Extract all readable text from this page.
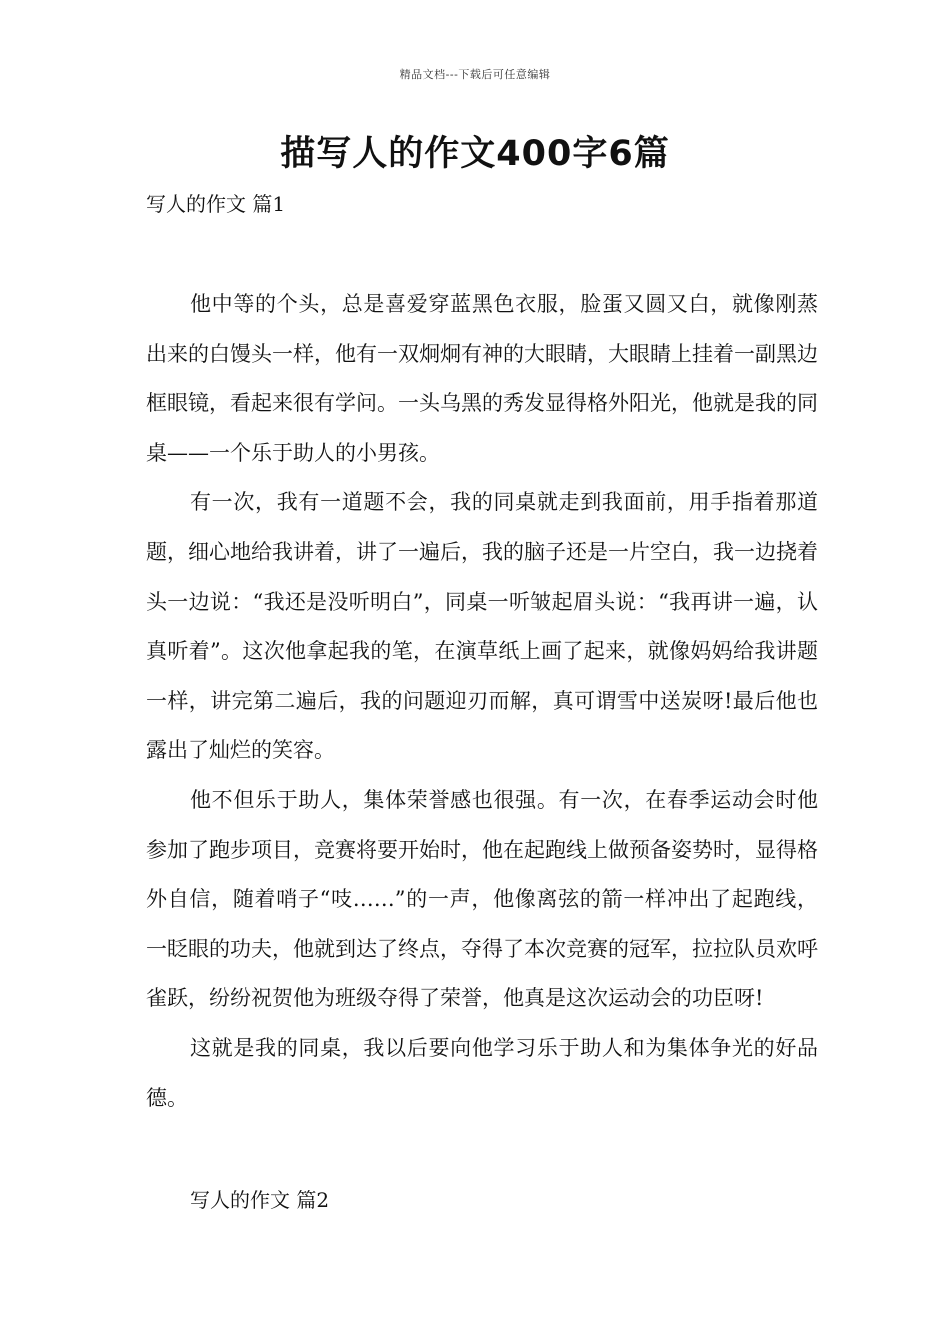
精品文档---下载后可任意编辑
描写人的作文400字6篇
写人的作文 篇1

他中等的个头，总是喜爱穿蓝黑色衣服，脸蛋又圆又白，就像刚蒸出来的白馒头一样，他有一双炯炯有神的大眼睛，大眼睛上挂着一副黑边框眼镜，看起来很有学问。一头乌黑的秀发显得格外阳光，他就是我的同桌——一个乐于助人的小男孩。

有一次，我有一道题不会，我的同桌就走到我面前，用手指着那道题，细心地给我讲着，讲了一遍后，我的脑子还是一片空白，我一边挠着头一边说：“我还是没听明白”，同桌一听皱起眉头说：“我再讲一遍，认真听着”。这次他拿起我的笔，在演草纸上画了起来，就像妈妈给我讲题一样，讲完第二遍后，我的问题迎刃而解，真可谓雪中送炭呀!最后他也露出了灿烂的笑容。

他不但乐于助人，集体荣誉感也很强。有一次，在春季运动会时他参加了跑步项目，竞赛将要开始时，他在起跑线上做预备姿势时，显得格外自信，随着哨子“吱……”的一声，他像离弦的箭一样冲出了起跑线，一眨眼的功夫，他就到达了终点，夺得了本次竞赛的冠军，拉拉队员欢呼雀跃，纷纷祝贺他为班级夺得了荣誉，他真是这次运动会的功臣呀!

这就是我的同桌，我以后要向他学习乐于助人和为集体争光的好品德。

写人的作文 篇2
